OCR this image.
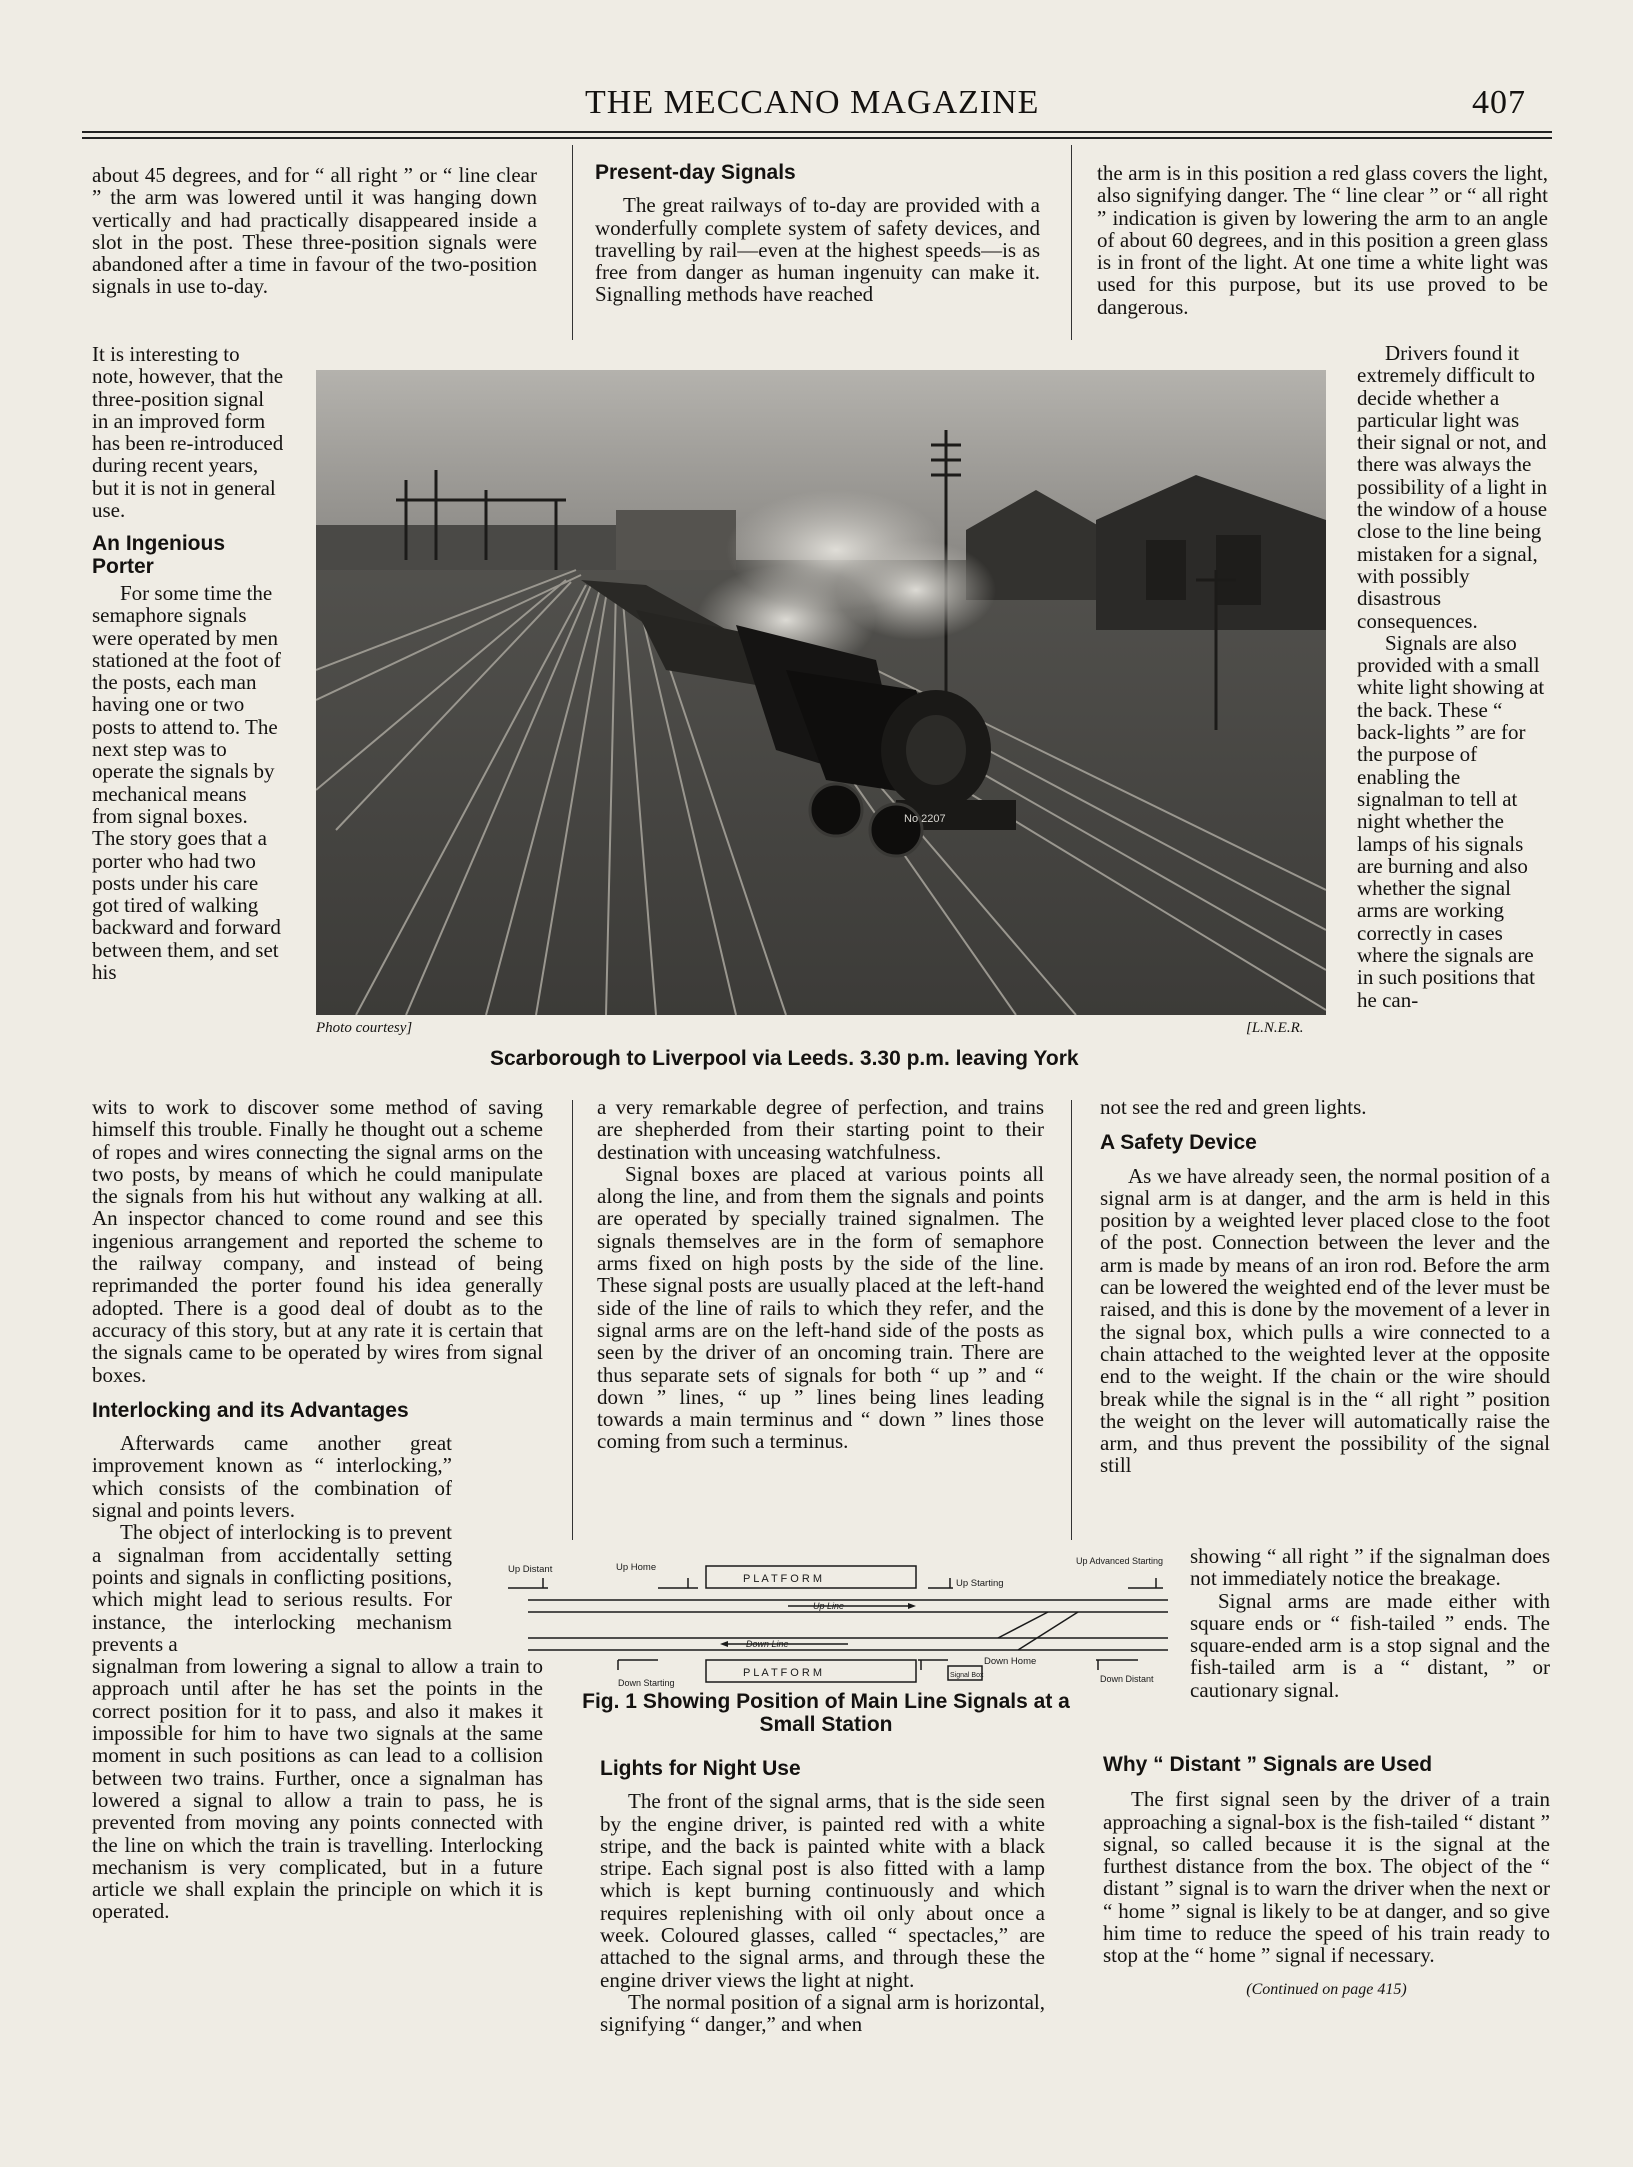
THE MECCANO MAGAZINE	407

about 45 degrees, and for “ all right ” or “ line clear ” the arm was lowered until it was hanging down vertically and had practically disappeared inside a slot in the post. These three-position signals were abandoned after a time in favour of the two-position signals in use to-day.

It is interesting to note, however, that the three-position signal in an improved form has been re-introduced during recent years, but it is not in general use.

An Ingenious Porter

For some time the semaphore signals were operated by men stationed at the foot of the posts, each man having one or two posts to attend to. The next step was to operate the signals by mechanical means from signal boxes. The story goes that a porter who had two posts under his care got tired of walking backward and forward between them, and set his

wits to work to discover some method of saving himself this trouble. Finally he thought out a scheme of ropes and wires connecting the signal arms on the two posts, by means of which he could manipulate the signals from his hut without any walking at all. An inspector chanced to come round and see this ingenious arrangement and reported the scheme to the railway company, and instead of being reprimanded the porter found his idea generally adopted. There is a good deal of doubt as to the accuracy of this story, but at any rate it is certain that the signals came to be operated by wires from signal boxes.

Interlocking and its Advantages

Afterwards came another great improvement known as “ interlocking,” which consists of the combination of signal and points levers.

The object of interlocking is to prevent a signalman from accidentally setting points and signals in conflicting positions, which might lead to serious results. For instance, the interlocking mechanism prevents a

signalman from lowering a signal to allow a train to approach until after he has set the points in the correct position for it to pass, and also it makes it impossible for him to have two signals at the same moment in such positions as can lead to a collision between two trains. Further, once a signalman has lowered a signal to allow a train to pass, he is prevented from moving any points connected with the line on which the train is travelling. Interlocking mechanism is very complicated, but in a future article we shall explain the principle on which it is operated.

Present-day Signals

The great railways of to-day are provided with a wonderfully complete system of safety devices, and travelling by rail—even at the highest speeds—is as free from danger as human ingenuity can make it. Signalling methods have reached

a very remarkable degree of perfection, and trains are shepherded from their starting point to their destination with unceasing watchfulness.

Signal boxes are placed at various points all along the line, and from them the signals and points are operated by specially trained signalmen. The signals themselves are in the form of semaphore arms fixed on high posts by the side of the line. These signal posts are usually placed at the left-hand side of the line of rails to which they refer, and the signal arms are on the left-hand side of the posts as seen by the driver of an oncoming train. There are thus separate sets of signals for both “ up ” and “ down ” lines, “ up ” lines being lines leading towards a main terminus and “ down ” lines those coming from such a terminus.

Lights for Night Use

The front of the signal arms, that is the side seen by the engine driver, is painted red with a white stripe, and the back is painted white with a black stripe. Each signal post is also fitted with a lamp which is kept burning continuously and which requires replenishing with oil only about once a week. Coloured glasses, called “ spectacles,” are attached to the signal arms, and through these the engine driver views the light at night.

The normal position of a signal arm is horizontal, signifying “ danger,” and when

the arm is in this position a red glass covers the light, also signifying danger. The “ line clear ” or “ all right ” indication is given by lowering the arm to an angle of about 60 degrees, and in this position a green glass is in front of the light. At one time a white light was used for this purpose, but its use proved to be dangerous.

Drivers found it extremely difficult to decide whether a particular light was their signal or not, and there was always the possibility of a light in the window of a house close to the line being mistaken for a signal, with possibly disastrous consequences.

Signals are also provided with a small white light showing at the back. These “ back-lights ” are for the purpose of enabling the signalman to tell at night whether the lamps of his signals are burning and also whether the signal arms are working correctly in cases where the signals are in such positions that he can-

not see the red and green lights.

A Safety Device

As we have already seen, the normal position of a signal arm is at danger, and the arm is held in this position by a weighted lever placed close to the foot of the post. Connection between the lever and the arm is made by means of an iron rod. Before the arm can be lowered the weighted end of the lever must be raised, and this is done by the movement of a lever in the signal box, which pulls a wire connected to a chain attached to the weighted lever at the opposite end to the weight. If the chain or the wire should break while the signal is in the “ all right ” position the weight on the lever will automatically raise the arm, and thus prevent the possibility of the signal still

showing “ all right ” if the signalman does not immediately notice the breakage.

Signal arms are made either with square ends or “ fish-tailed ” ends. The square-ended arm is a stop signal and the fish-tailed arm is a “ distant, ” or cautionary signal.

Why “ Distant ” Signals are Used

The first signal seen by the driver of a train approaching a signal-box is the fish-tailed “ distant ” signal, so called because it is the signal at the furthest distance from the box. The object of the “ distant ” signal is to warn the driver when the next or “ home ” signal is likely to be at danger, and so give him time to reduce the speed of his train ready to stop at the “ home ” signal if necessary.

(Continued on page 415)

No 2207
Photo courtesy]	[L.N.E.R.
Scarborough to Liverpool via Leeds. 3.30 p.m. leaving York
Up Distant	Up Home
P L A T F O R M	Up Starting
Up Advanced Starting
Up Line
Down Line
P L A T F O R M
Down Starting
Down Home
Signal Box	Down Distant
Fig. 1 Showing Position of Main Line Signals at a Small Station
